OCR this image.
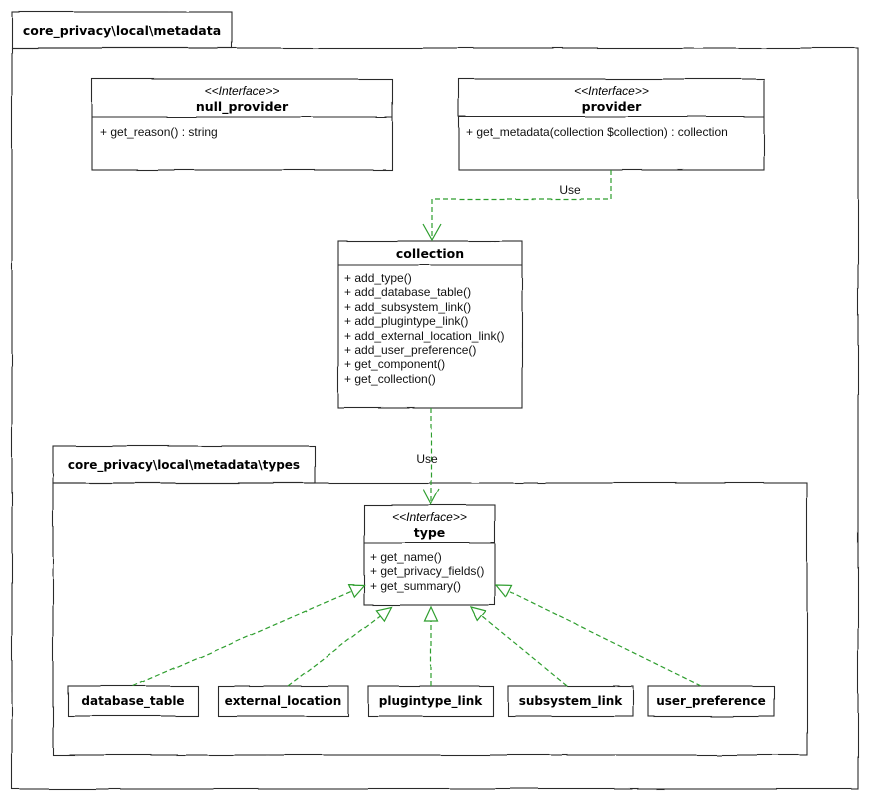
core_privacy\local\metadata
<<Interface>>
null_provider
+ get_reason() : string
<<Interface>>
provider
+ get_metadata(collection $collection) : collection
collection
+ add_type()
+ add_database_table()
+ add_subsystem_link()
+ add_plugintype_link()
+ add_external_location_link()
+ add_user_preference()
+ get_component()
+ get_collection()
core_privacy\local\metadata\types
<<Interface>>
type
+ get_name()
+ get_privacy_fields()
+ get_summary()
database_table	external_location	plugintype_link	subsystem_link	user_preference
Use
Use
